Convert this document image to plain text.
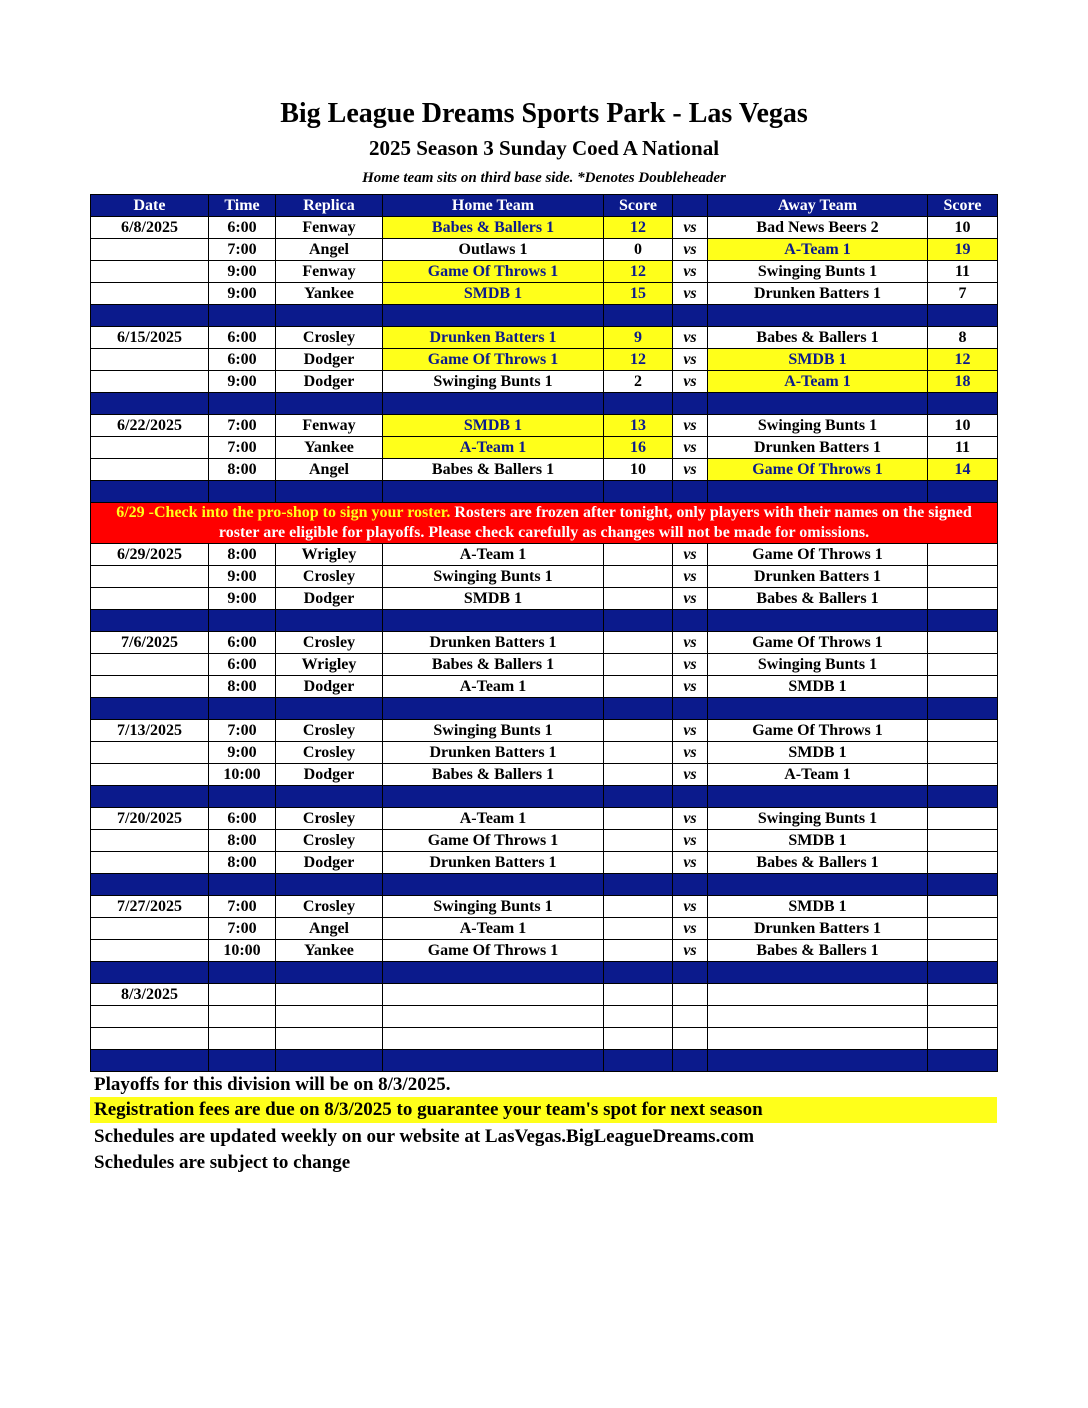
Big League Dreams Sports Park - Las Vegas
2025 Season 3 Sunday Coed A National
Home team sits on third base side. *Denotes Doubleheader
Date	Time	Replica	Home Team	Score		Away Team	Score
6/8/2025	6:00	Fenway	Babes & Ballers 1	12	vs	Bad News Beers 2	10
	7:00	Angel	Outlaws 1	0	vs	A-Team 1	19
	9:00	Fenway	Game Of Throws 1	12	vs	Swinging Bunts 1	11
	9:00	Yankee	SMDB 1	15	vs	Drunken Batters 1	7

6/15/2025	6:00	Crosley	Drunken Batters 1	9	vs	Babes & Ballers 1	8
	6:00	Dodger	Game Of Throws 1	12	vs	SMDB 1	12
	9:00	Dodger	Swinging Bunts 1	2	vs	A-Team 1	18

6/22/2025	7:00	Fenway	SMDB 1	13	vs	Swinging Bunts 1	10
	7:00	Yankee	A-Team 1	16	vs	Drunken Batters 1	11
	8:00	Angel	Babes & Ballers 1	10	vs	Game Of Throws 1	14

6/29 -Check into the pro-shop to sign your roster. Rosters are frozen after tonight, only players with their names on the signed roster are eligible for playoffs. Please check carefully as changes will not be made for omissions.							
6/29/2025	8:00	Wrigley	A-Team 1		vs	Game Of Throws 1	
	9:00	Crosley	Swinging Bunts 1		vs	Drunken Batters 1	
	9:00	Dodger	SMDB 1		vs	Babes & Ballers 1	

7/6/2025	6:00	Crosley	Drunken Batters 1		vs	Game Of Throws 1	
	6:00	Wrigley	Babes & Ballers 1		vs	Swinging Bunts 1	
	8:00	Dodger	A-Team 1		vs	SMDB 1	

7/13/2025	7:00	Crosley	Swinging Bunts 1		vs	Game Of Throws 1	
	9:00	Crosley	Drunken Batters 1		vs	SMDB 1	
	10:00	Dodger	Babes & Ballers 1		vs	A-Team 1	

7/20/2025	6:00	Crosley	A-Team 1		vs	Swinging Bunts 1	
	8:00	Crosley	Game Of Throws 1		vs	SMDB 1	
	8:00	Dodger	Drunken Batters 1		vs	Babes & Ballers 1	

7/27/2025	7:00	Crosley	Swinging Bunts 1		vs	SMDB 1	
	7:00	Angel	A-Team 1		vs	Drunken Batters 1	
	10:00	Yankee	Game Of Throws 1		vs	Babes & Ballers 1	

8/3/2025							

Playoffs for this division will be on 8/3/2025.
Registration fees are due on 8/3/2025 to guarantee your team's spot for next season
Schedules are updated weekly on our website at LasVegas.BigLeagueDreams.com
Schedules are subject to change
